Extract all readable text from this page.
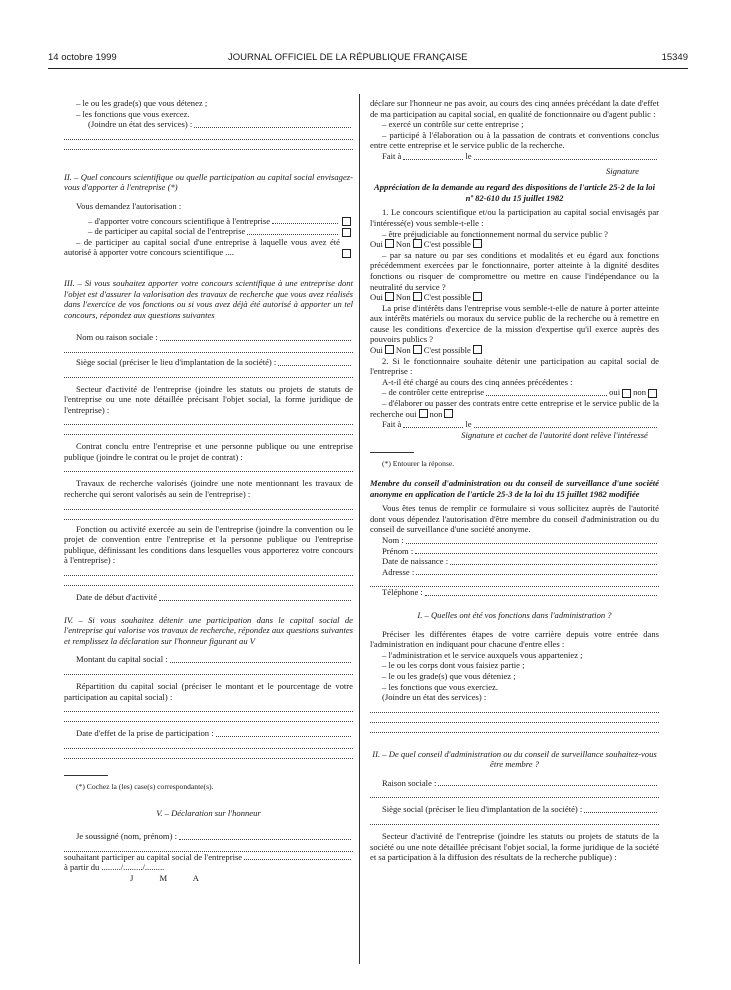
14 octobre 1999	JOURNAL OFFICIEL DE LA RÉPUBLIQUE FRANÇAISE	15349

– le ou les grade(s) que vous détenez ;

– les fonctions que vous exercez.

(Joindre un état des services) :

II. – Quel concours scientifique ou quelle participation au capital social envisagez-vous d'apporter à l'entreprise (*)

Vous demandez l'autorisation :

– d'apporter votre concours scientifique à l'entreprise
– de participer au capital social de l'entreprise

– de participer au capital social d'une entreprise à laquelle vous avez été autorisé à apporter votre concours scientifique ....

III. – Si vous souhaitez apporter votre concours scientifique à une entreprise dont l'objet est d'assurer la valorisation des travaux de recherche que vous avez réalisés dans l'exercice de vos fonctions ou si vous avez déjà été autorisé à apporter un tel concours, répondez aux questions suivantes

Nom ou raison sociale :
Siège social (préciser le lieu d'implantation de la société) :

Secteur d'activité de l'entreprise (joindre les statuts ou projets de statuts de l'entreprise ou une note détaillée précisant l'objet social, la forme juridique de l'entreprise) :

Contrat conclu entre l'entreprise et une personne publique ou une entreprise publique (joindre le contrat ou le projet de contrat) :

Travaux de recherche valorisés (joindre une note mentionnant les travaux de recherche qui seront valorisés au sein de l'entreprise) :

Fonction ou activité exercée au sein de l'entreprise (joindre la convention ou le projet de convention entre l'entreprise et la personne publique ou l'entreprise publique, définissant les conditions dans lesquelles vous apporterez votre concours à l'entreprise) :

Date de début d'activité

IV. – Si vous souhaitez détenir une participation dans le capital social de l'entreprise qui valorise vos travaux de recherche, répondez aux questions suivantes et remplissez la déclaration sur l'honneur figurant au V

Montant du capital social :

Répartition du capital social (préciser le montant et le pourcentage de votre participation au capital social) :

Date d'effet de la prise de participation :

(*) Cochez la (les) case(s) correspondante(s).

V. – Déclaration sur l'honneur

Je soussigné (nom, prénom) :
souhaitant participer au capital social de l'entreprise

à partir du ........./........./.........

J M A

déclare sur l'honneur ne pas avoir, au cours des cinq années précédant la date d'effet de ma participation au capital social, en qualité de fonctionnaire ou d'agent public :

– exercé un contrôle sur cette entreprise ;

– participé à l'élaboration ou à la passation de contrats et conventions conclus entre cette entreprise et le service public de la recherche.

Fait à	le

Signature

Appréciation de la demande au regard des dispositions de l'article 25-2 de la loi nº 82-610 du 15 juillet 1982

1. Le concours scientifique et/ou la participation au capital social envisagés par l'intéressé(e) vous semble-t-elle :

– être préjudiciable au fonctionnement normal du service public ?

Oui Non C'est possible

– par sa nature ou par ses conditions et modalités et eu égard aux fonctions précédemment exercées par le fonctionnaire, porter atteinte à la dignité desdites fonctions ou risquer de compromettre ou mettre en cause l'indépendance ou la neutralité du service ?

Oui Non C'est possible

La prise d'intérêts dans l'entreprise vous semble-t-elle de nature à porter atteinte aux intérêts matériels ou moraux du service public de la recherche ou à remettre en cause les conditions d'exercice de la mission d'expertise qu'il exerce auprès des pouvoirs publics ?

Oui Non C'est possible

2. Si le fonctionnaire souhaite détenir une participation au capital social de l'entreprise :

A-t-il été chargé au cours des cinq années précédentes :

– de contrôler cette entreprise	oui non

– d'élaborer ou passer des contrats entre cette entreprise et le service public de la recherche oui non

Fait à	le

Signature et cachet de l'autorité dont relève l'intéressé

(*) Entourer la réponse.

Membre du conseil d'administration ou du conseil de surveillance d'une société anonyme en application de l'article 25-3 de la loi du 15 juillet 1982 modifiée

Vous êtes tenus de remplir ce formulaire si vous sollicitez auprès de l'autorité dont vous dépendez l'autorisation d'être membre du conseil d'administration ou du conseil de surveillance d'une société anonyme.

Nom :
Prénom :
Date de naissance :
Adresse :
Téléphone :

I. – Quelles ont été vos fonctions dans l'administration ?

Préciser les différentes étapes de votre carrière depuis votre entrée dans l'administration en indiquant pour chacune d'entre elles :

– l'administration et le service auxquels vous apparteniez ;

– le ou les corps dont vous faisiez partie ;

– le ou les grade(s) que vous déteniez ;

– les fonctions que vous exerciez.

(Joindre un état des services) :

II. – De quel conseil d'administration ou du conseil de surveillance souhaitez-vous être membre ?

Raison sociale :
Siège social (préciser le lieu d'implantation de la société) :

Secteur d'activité de l'entreprise (joindre les statuts ou projets de statuts de la société ou une note détaillée précisant l'objet social, la forme juridique de la société et sa participation à la diffusion des résultats de la recherche publique) :
